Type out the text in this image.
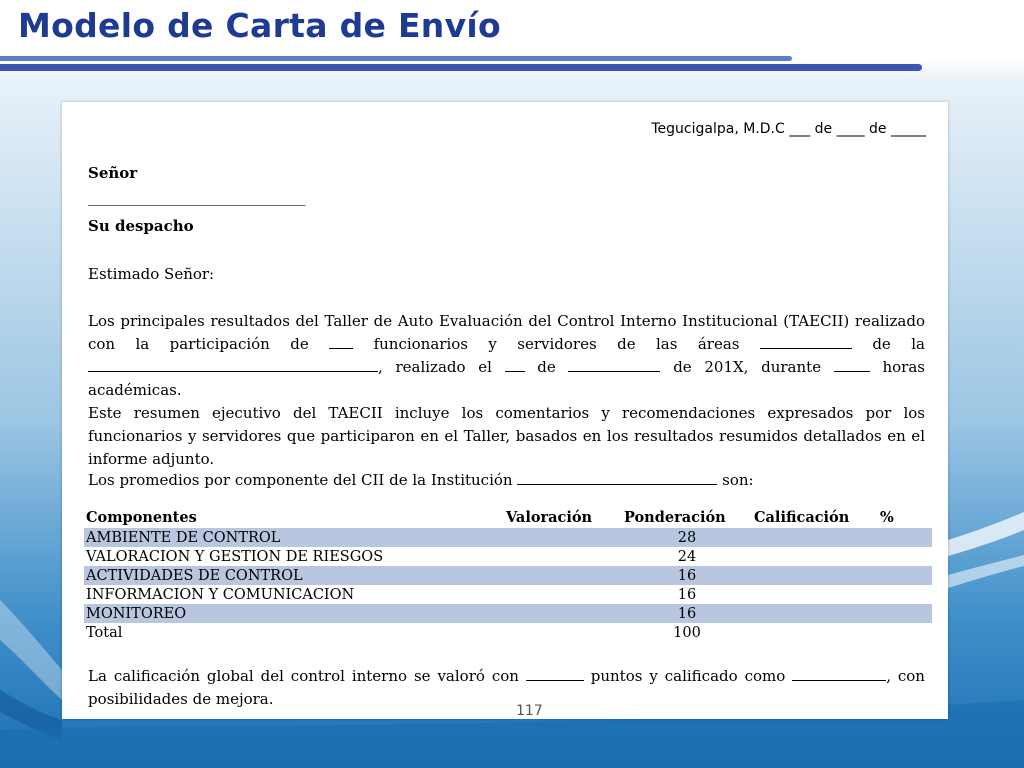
Modelo de Carta de Envío

Tegucigalpa, M.D.C ___ de ____ de _____

Señor

_____________________________

Su despacho

Estimado Señor:

Los principales resultados del Taller de Auto Evaluación del Control Interno Institucional (TAECII) realizado con la participación de	funcionarios y servidores de las áreas	de la , realizado el	de	de 201X, durante	horas académicas.

Este resumen ejecutivo del TAECII incluye los comentarios y recomendaciones expresados por los funcionarios y servidores que participaron en el Taller, basados en los resultados resumidos detallados en el informe adjunto.

Los promedios por componente del CII de la Institución	son:

Componentes	Valoración	Ponderación	Calificación	%
AMBIENTE DE CONTROL		28		
VALORACION Y GESTION DE RIESGOS		24		
ACTIVIDADES DE CONTROL		16		
INFORMACION Y COMUNICACION		16		
MONITOREO		16		
Total		100		

La calificación global del control interno se valoró con	puntos y calificado como	, con posibilidades de mejora.

117
